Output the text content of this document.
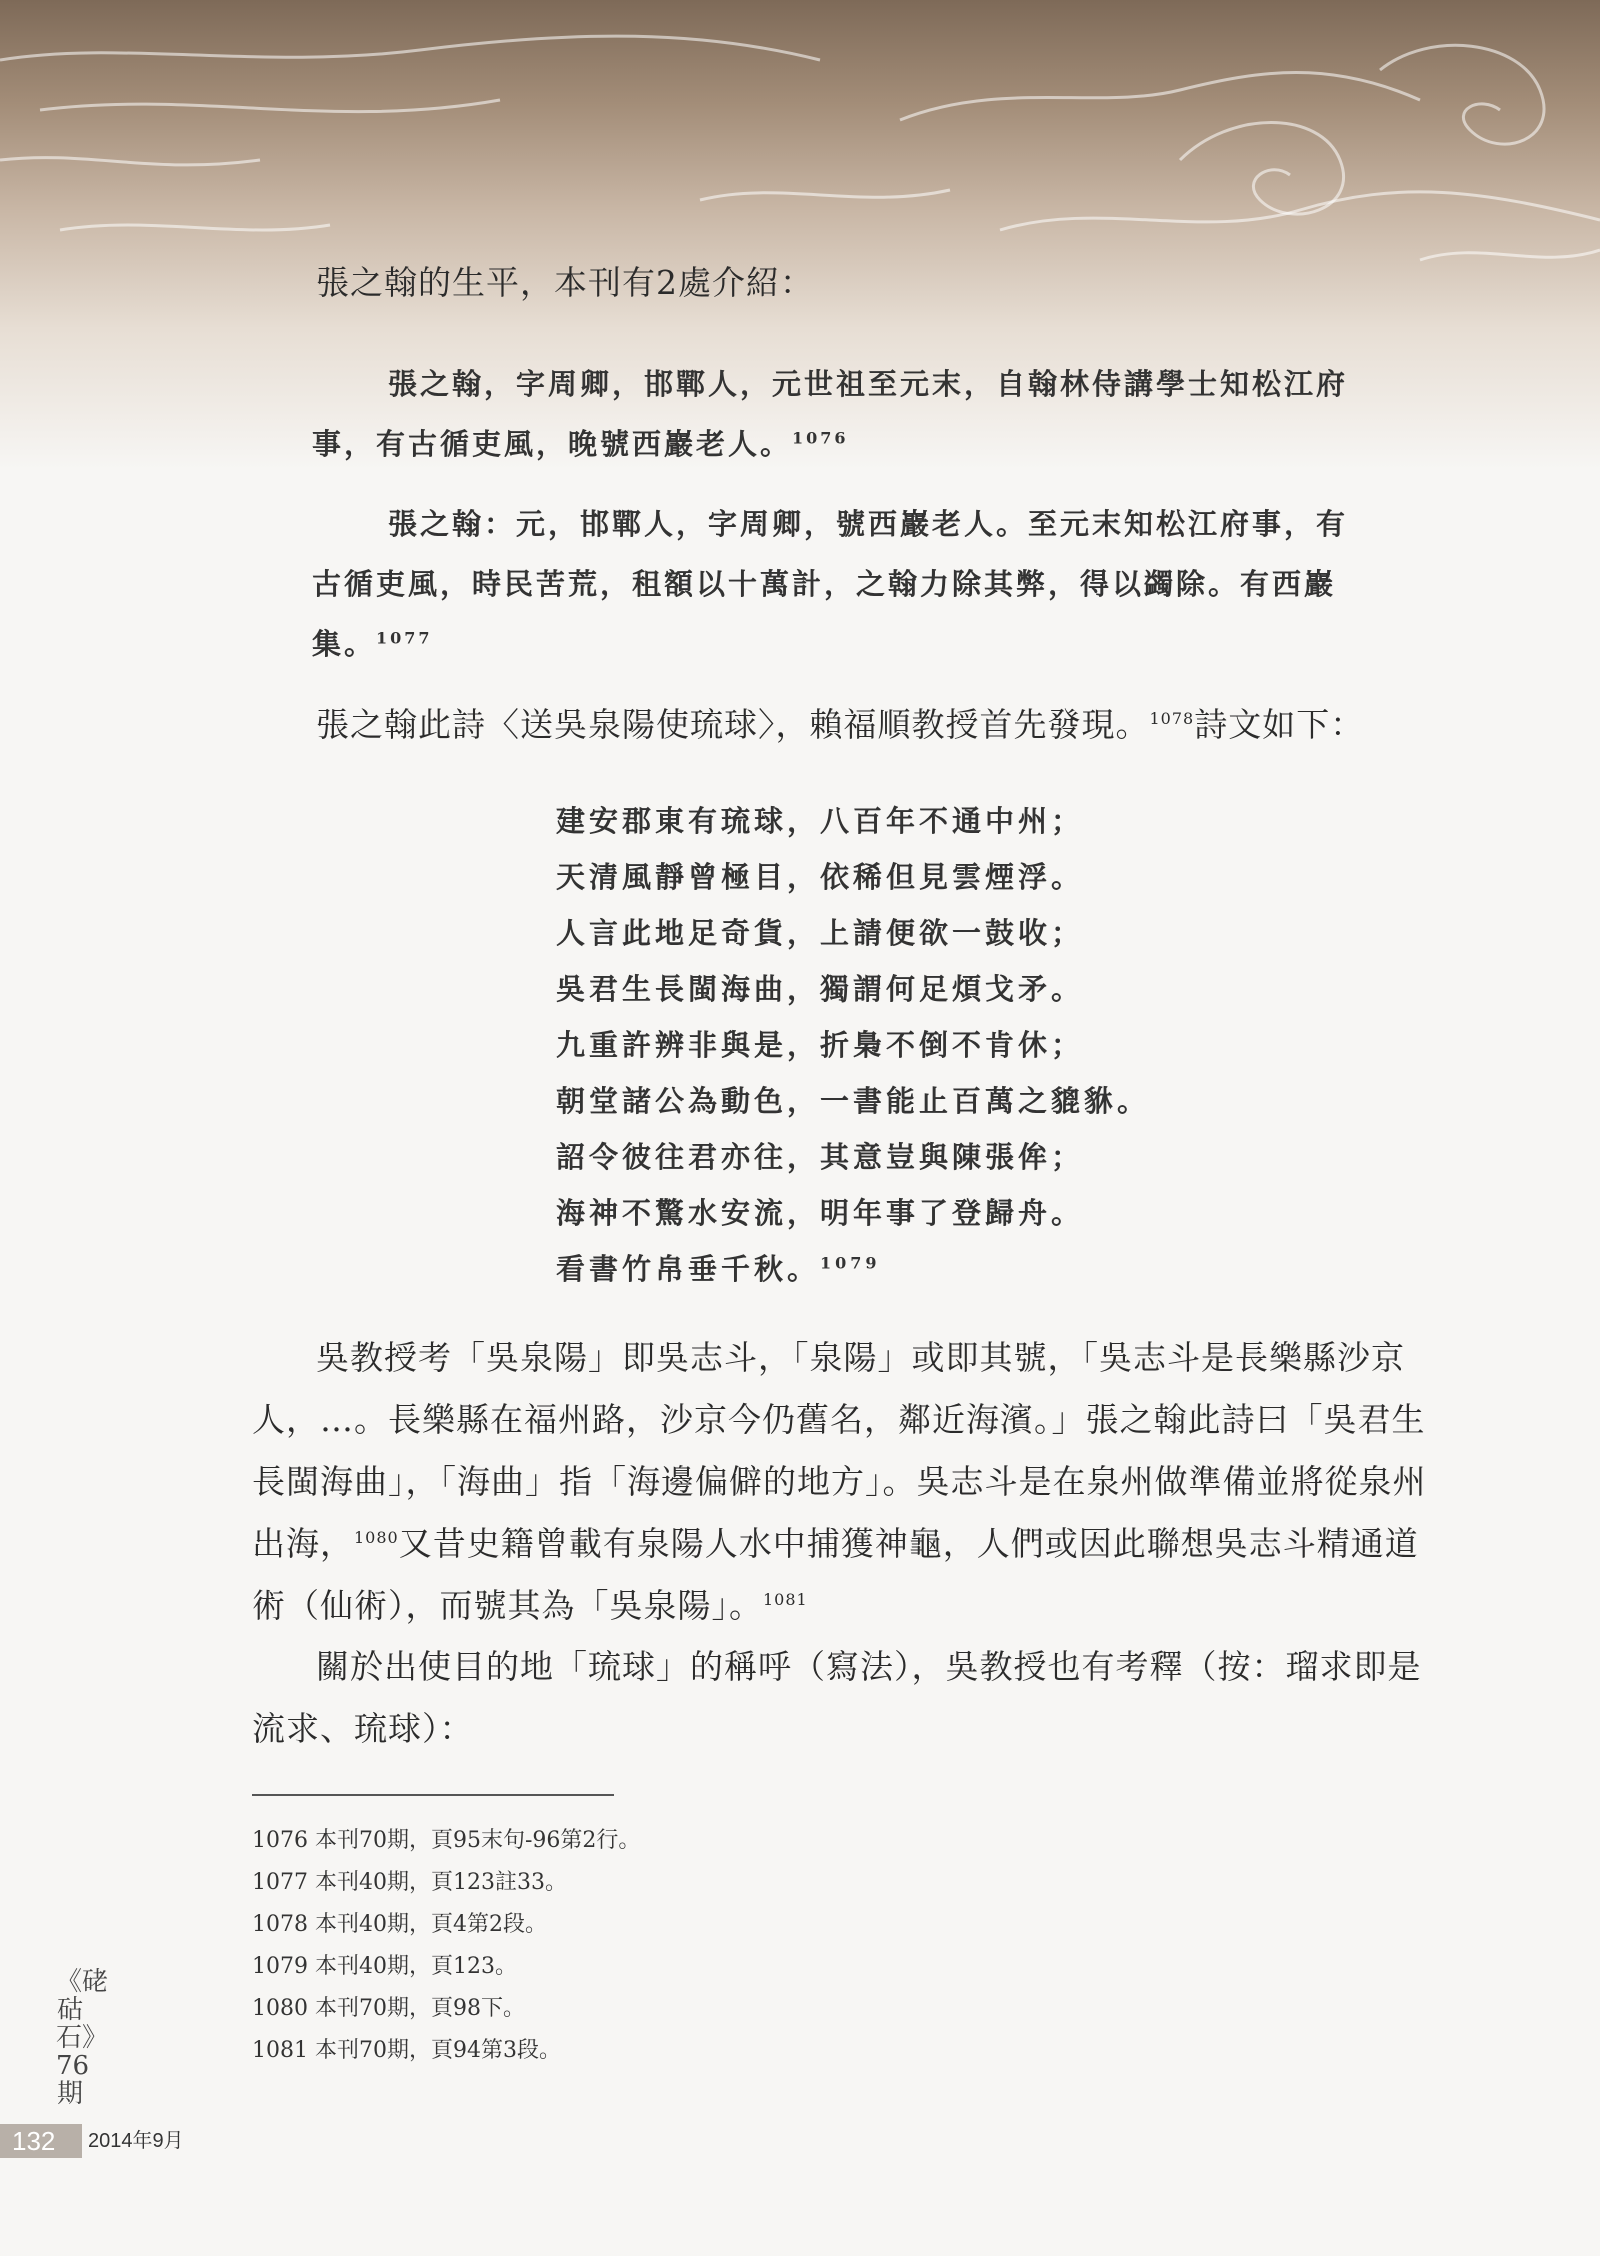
張之翰的生平，本刊有2處介紹：
張之翰，字周卿，邯鄲人，元世祖至元末，自翰林侍講學士知松江府事，有古循吏風，晚號西巖老人。$^{1076}$
張之翰：元，邯鄲人，字周卿，號西巖老人。至元末知松江府事，有古循吏風，時民苦荒，租額以十萬計，之翰力除其弊，得以蠲除。有西巖集。$^{1077}$
張之翰此詩〈送吳泉陽使琉球〉，賴福順教授首先發現。$^{1078}$詩文如下：
建安郡東有琉球，八百年不通中州；
天清風靜曾極目，依稀但見雲煙浮。
人言此地足奇貨，上請便欲一鼓收；
吳君生長閩海曲，獨謂何足煩戈矛。
九重許辨非與是，折梟不倒不肯休；
朝堂諸公為動色，一書能止百萬之貔貅。
詔令彼往君亦往，其意豈與陳張侔；
海神不驚水安流，明年事了登歸舟。
看書竹帛垂千秋。$^{1079}$
吳教授考「吳泉陽」即吳志斗，「泉陽」或即其號，「吳志斗是長樂縣沙京人，…。長樂縣在福州路，沙京今仍舊名，鄰近海濱。」張之翰此詩曰「吳君生長閩海曲」，「海曲」指「海邊偏僻的地方」。吳志斗是在泉州做準備並將從泉州出海，$^{1080}$又昔史籍曾載有泉陽人水中捕獲神龜，人們或因此聯想吳志斗精通道術（仙術），而號其為「吳泉陽」。$^{1081}$
關於出使目的地「琉球」的稱呼（寫法），吳教授也有考釋（按：瑠求即是流求、琉球）：
1076 本刊70期，頁95末句-96第2行。
1077 本刊40期，頁123註33。
1078 本刊40期，頁4第2段。
1079 本刊40期，頁123。
1080 本刊70期，頁98下。
1081 本刊70期，頁94第3段。
《硓𥑮石》76期
132 2014年9月
